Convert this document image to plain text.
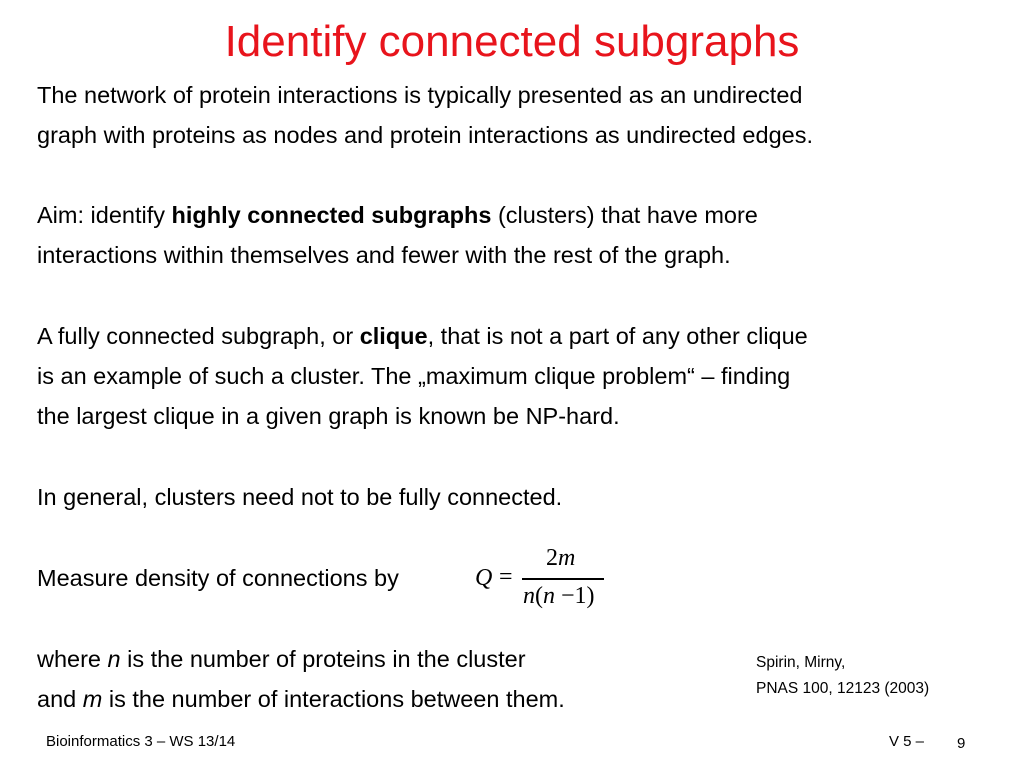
Identify connected subgraphs

The network of protein interactions is typically presented as an undirected
graph with proteins as nodes and protein interactions as undirected edges.

Aim: identify highly connected subgraphs (clusters) that have more
interactions within themselves and fewer with the rest of the graph.

A fully connected subgraph, or clique, that is not a part of any other clique
is an example of such a cluster. The „maximum clique problem“ – finding
the largest clique in a given graph is known be NP-hard.

In general, clusters need not to be fully connected.

Measure density of connections by	Q =
2m
n(n −1)

where n is the number of proteins in the cluster
and m is the number of interactions between them.

Spirin, Mirny,
PNAS 100, 12123 (2003)

Bioinformatics 3 – WS 13/14	V 5 – 9
